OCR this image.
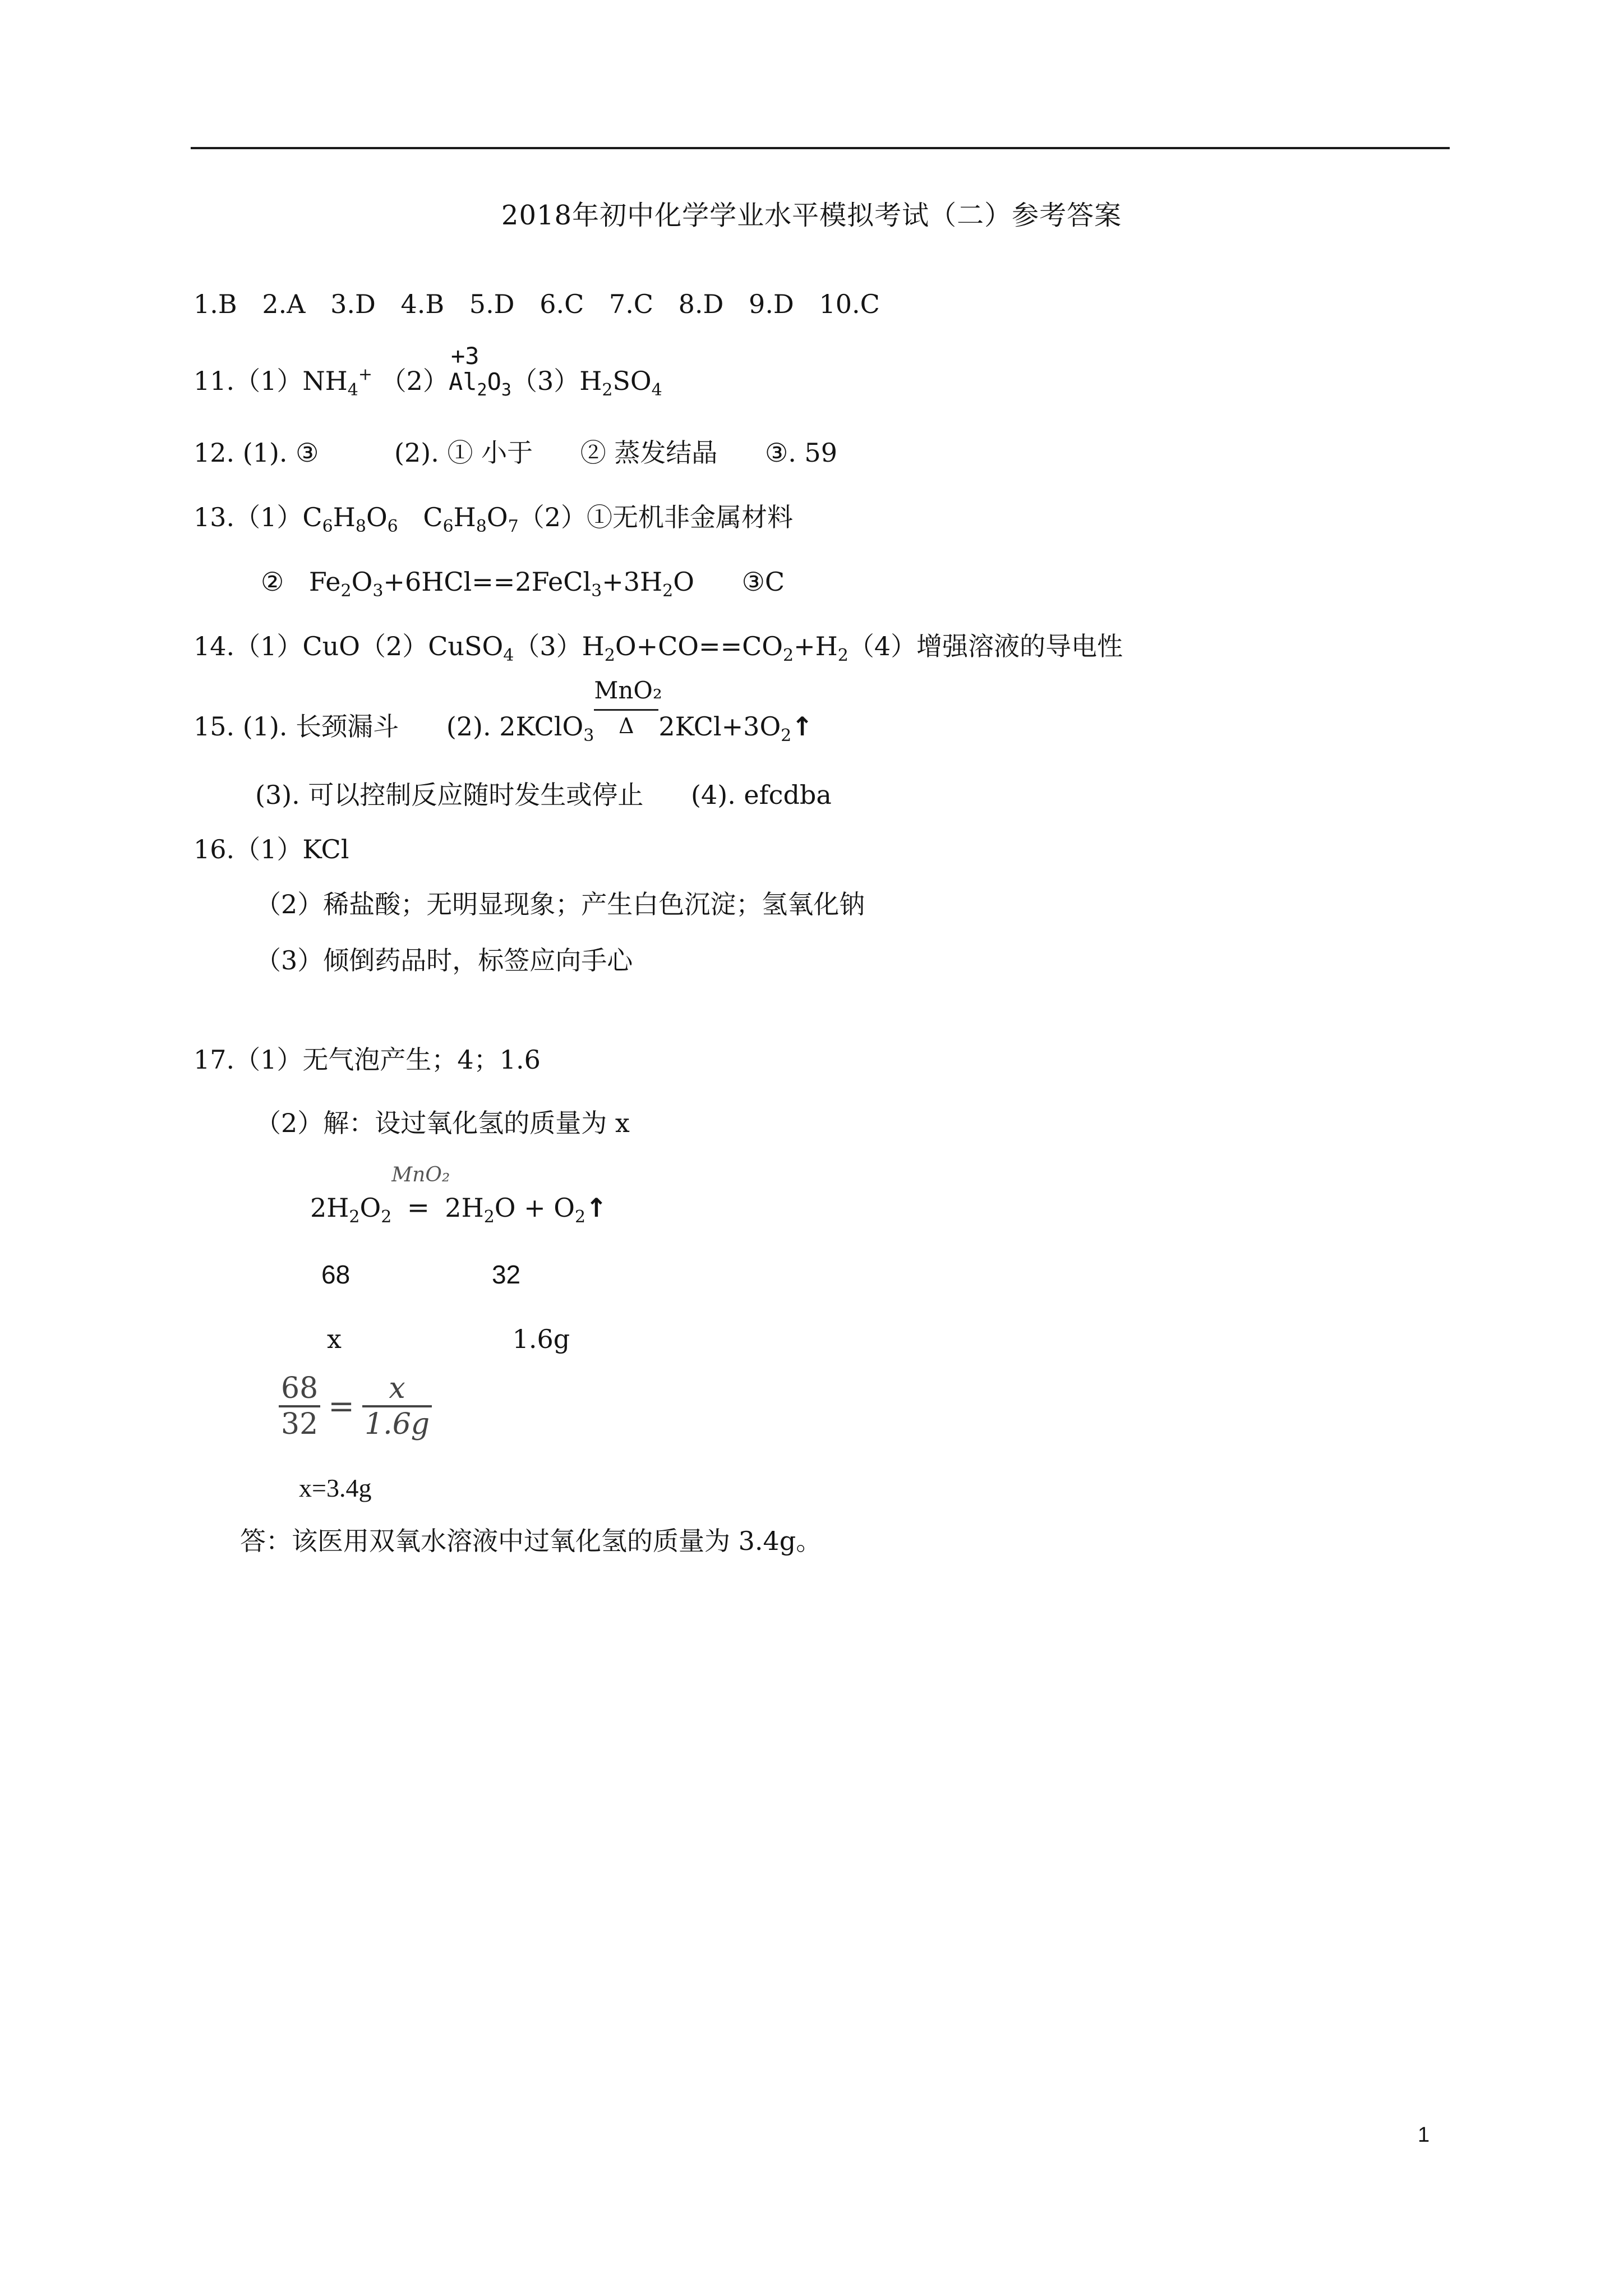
2018年初中化学学业水平模拟考试（二）参考答案
1.B 2.A 3.D 4.B 5.D 6.C 7.C 8.D 9.D 10.C
11.（1）NH4+ （2）
+3
Al2O3（3）H2SO4
12. (1). ③	(2). ① 小于 ② 蒸发结晶 ③. 59
13.（1）C6H8O6 C6H8O7（2）①无机非金属材料
② Fe2O3+6HCl==2FeCl3+3H2O ③C
14.（1）CuO（2）CuSO4（3）H2O+CO==CO2+H2（4）增强溶液的导电性
15. (1). 长颈漏斗 (2). 2KClO3
MnO₂
Δ 2KCl+3O2↑
(3). 可以控制反应随时发生或停止 (4). efcdba
16.（1）KCl
（2）稀盐酸；无明显现象；产生白色沉淀；氢氧化钠
（3）倾倒药品时，标签应向手心
17.（1）无气泡产生；4；1.6
（2）解：设过氧化氢的质量为 x
2H2O2
MnO₂
= 2H2O + O2↑
68	32
x	1.6g
$\frac{68}{32} = \frac{x}{1.6g}$
x=3.4g
答：该医用双氧水溶液中过氧化氢的质量为 3.4g。
1
